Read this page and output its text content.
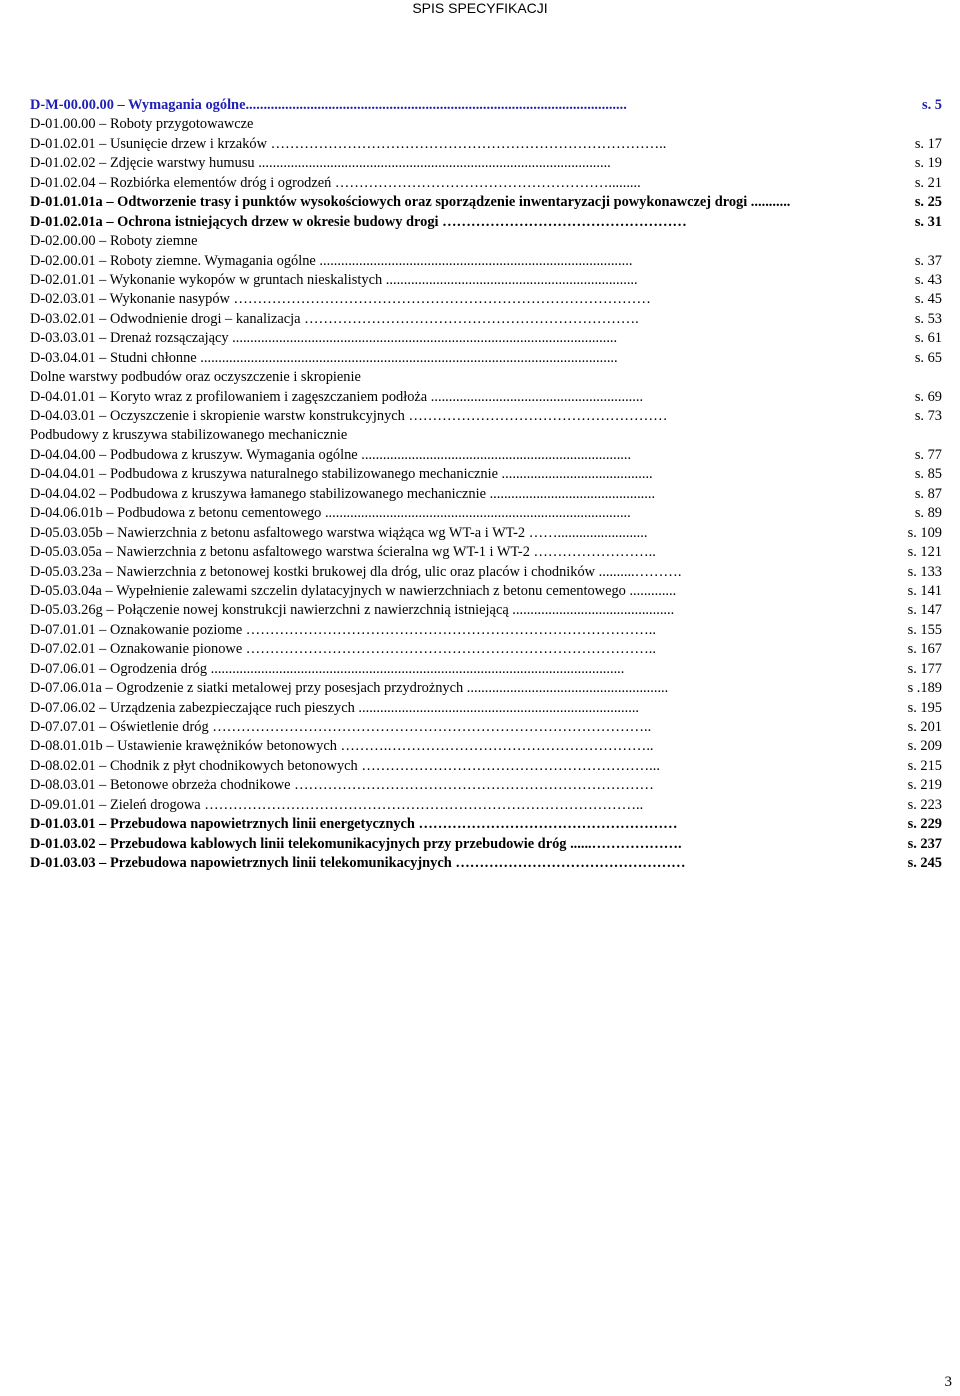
SPIS SPECYFIKACJI
D-M-00.00.00 – Wymagania ogólne..........................................................................................................	s. 5
D-01.00.00 – Roboty przygotowawcze
D-01.02.01 – Usunięcie drzew i krzaków ………………………………………………………………………..	s. 17
D-01.02.02 – Zdjęcie warstwy humusu ..................................................................................................	s. 19
D-01.02.04 – Rozbiórka elementów dróg i ogrodzeń ………………………………………………….........	s. 21
D-01.01.01a – Odtworzenie trasy i punktów wysokościowych oraz sporządzenie inwentaryzacji powykonawczej drogi ...........	s. 25
D-01.02.01a – Ochrona istniejących drzew w okresie budowy drogi ……………………………………………	s. 31
D-02.00.00 – Roboty ziemne
D-02.00.01 – Roboty ziemne. Wymagania ogólne .......................................................................................	s. 37
D-02.01.01 – Wykonanie wykopów w gruntach nieskalistych ......................................................................	s. 43
D-02.03.01 – Wykonanie nasypów ……………………………………………………………………………	s. 45
D-03.02.01 – Odwodnienie drogi – kanalizacja …………………………………………………………….	s. 53
D-03.03.01 – Drenaż rozsączający ...........................................................................................................	s. 61
D-03.04.01 – Studni chłonne ....................................................................................................................	s. 65
Dolne warstwy podbudów oraz oczyszczenie i skropienie
D-04.01.01 – Koryto wraz z profilowaniem i zagęszczaniem podłoża ...........................................................	s. 69
D-04.03.01 – Oczyszczenie i skropienie warstw konstrukcyjnych ………………………………………………	s. 73
Podbudowy z kruszywa stabilizowanego mechanicznie
D-04.04.00 – Podbudowa z kruszyw. Wymagania ogólne ...........................................................................	s. 77
D-04.04.01 – Podbudowa z kruszywa naturalnego stabilizowanego mechanicznie ..........................................	s. 85
D-04.04.02 – Podbudowa z kruszywa łamanego stabilizowanego mechanicznie ..............................................	s. 87
D-04.06.01b – Podbudowa z betonu cementowego .....................................................................................	s. 89
D-05.03.05b – Nawierzchnia z betonu asfaltowego warstwa wiążąca wg WT-a i WT-2 …….........................	s. 109
D-05.03.05a – Nawierzchnia z betonu asfaltowego warstwa ścieralna wg WT-1 i WT-2 ……………………..	s. 121
D-05.03.23a – Nawierzchnia z betonowej kostki brukowej dla dróg, ulic oraz placów i chodników ..........……….	s. 133
D-05.03.04a – Wypełnienie zalewami szczelin dylatacyjnych w nawierzchniach z betonu cementowego .............	s. 141
D-05.03.26g – Połączenie nowej konstrukcji nawierzchni z nawierzchnią istniejącą .............................................	s. 147
D-07.01.01 – Oznakowanie poziome …………………………………………………………………………..	s. 155
D-07.02.01 – Oznakowanie pionowe …………………………………………………………………………..	s. 167
D-07.06.01 – Ogrodzenia dróg ...................................................................................................................	s. 177
D-07.06.01a – Ogrodzenie z siatki metalowej przy posesjach przydrożnych ........................................................	s .189
D-07.06.02 – Urządzenia zabezpieczające ruch pieszych ..............................................................................	s. 195
D-07.07.01 – Oświetlenie dróg ………………………………………………………………………………..	s. 201
D-08.01.01b – Ustawienie krawężników betonowych ……….………………………………………………..	s. 209
D-08.02.01 – Chodnik z płyt chodnikowych betonowych ……………………………………………………...	s. 215
D-08.03.01 – Betonowe obrzeża chodnikowe …………………………………………………………………	s. 219
D-09.01.01 – Zieleń drogowa ………………………………………………………………………………..	s. 223
D-01.03.01 – Przebudowa napowietrznych linii energetycznych ………………………………………………	s. 229
D-01.03.02 – Przebudowa kablowych linii telekomunikacyjnych przy przebudowie dróg ......……………….	s. 237
D-01.03.03 – Przebudowa napowietrznych linii telekomunikacyjnych …………………………………………	s. 245
3
